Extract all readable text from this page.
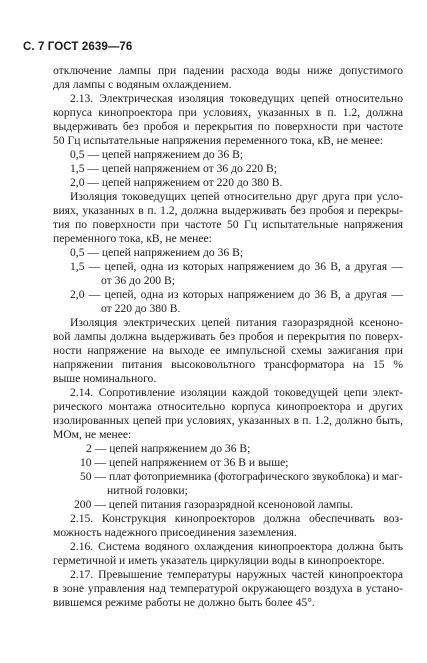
С. 7 ГОСТ 2639—76
отключение лампы при падении расхода воды ниже допустимого
для лампы с водяным охлаждением.
2.13. Электрическая изоляция токоведущих цепей относительно
корпуса кинопроектора при условиях, указанных в п. 1.2, должна
выдерживать без пробоя и перекрытия по поверхности при частоте
50 Гц испытательные напряжения переменного тока, кВ, не менее:
0,5 — цепей напряжением до 36 В;
1,5 — цепей напряжением от 36 до 220 В;
2,0 — цепей напряжением от 220 до 380 В.
Изоляция токоведущих цепей относительно друг друга при усло-
виях, указанных в п. 1.2, должна выдерживать без пробоя и перекры-
тия по поверхности при частоте 50 Гц испытательные напряжения
переменного тока, кВ, не менее:
0,5 — цепей напряжением до 36 В;
1,5 — цепей, одна из которых напряжением до 36 В, а другая —
от 36 до 200 В;
2,0 — цепей, одна из которых напряжением до 36 В, а другая —
от 220 до 380 В.
Изоляция электрических цепей питания газоразрядной ксеноно-
вой лампы должна выдерживать без пробоя и перекрытия по поверх-
ности напряжение на выходе ее импульсной схемы зажигания при
напряжении питания высоковольтного трансформатора на 15 %
выше номинального.
2.14. Сопротивление изоляции каждой токоведущей цепи элект-
рического монтажа относительно корпуса кинопроектора и других
изолированных цепей при условиях, указанных в п. 1.2, должно быть,
МОм, не менее:
2 — цепей напряжением до 36 В;
10 — цепей напряжением от 36 В и выше;
50 — плат фотоприемника (фотографического звукоблока) и маг-
нитной головки;
200 — цепей питания газоразрядной ксеноновой лампы.
2.15. Конструкция кинопроекторов должна обеспечивать воз-
можность надежного присоединения заземления.
2.16. Система водяного охлаждения кинопроектора должна быть
герметичной и иметь указатель циркуляции воды в кинопроекторе.
2.17. Превышение температуры наружных частей кинопроектора
в зоне управления над температурой окружающего воздуха в устано-
вившемся режиме работы не должно быть более 45°.
